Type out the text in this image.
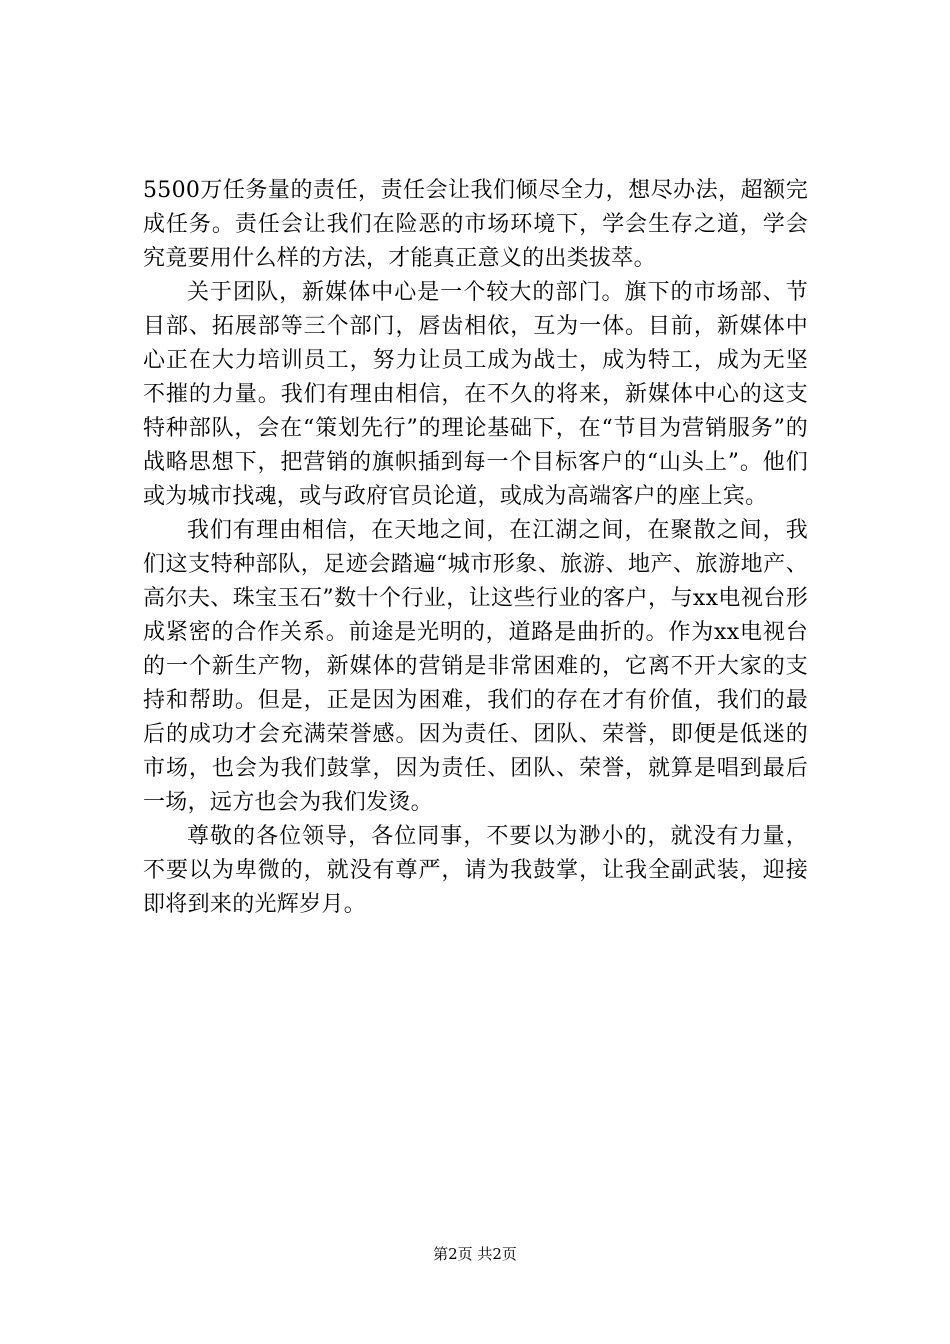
5500万任务量的责任，责任会让我们倾尽全力，想尽办法，超额完成任务。责任会让我们在险恶的市场环境下，学会生存之道，学会究竟要用什么样的方法，才能真正意义的出类拔萃。

关于团队，新媒体中心是一个较大的部门。旗下的市场部、节目部、拓展部等三个部门，唇齿相依，互为一体。目前，新媒体中心正在大力培训员工，努力让员工成为战士，成为特工，成为无坚不摧的力量。我们有理由相信，在不久的将来，新媒体中心的这支特种部队，会在“策划先行”的理论基础下，在“节目为营销服务”的战略思想下，把营销的旗帜插到每一个目标客户的“山头上”。他们或为城市找魂，或与政府官员论道，或成为高端客户的座上宾。

我们有理由相信，在天地之间，在江湖之间，在聚散之间，我们这支特种部队，足迹会踏遍“城市形象、旅游、地产、旅游地产、高尔夫、珠宝玉石”数十个行业，让这些行业的客户，与xx电视台形成紧密的合作关系。前途是光明的，道路是曲折的。作为xx电视台的一个新生产物，新媒体的营销是非常困难的，它离不开大家的支持和帮助。但是，正是因为困难，我们的存在才有价值，我们的最后的成功才会充满荣誉感。因为责任、团队、荣誉，即便是低迷的市场，也会为我们鼓掌，因为责任、团队、荣誉，就算是唱到最后一场，远方也会为我们发烫。

尊敬的各位领导，各位同事，不要以为渺小的，就没有力量，不要以为卑微的，就没有尊严，请为我鼓掌，让我全副武装，迎接即将到来的光辉岁月。

第2页 共2页
